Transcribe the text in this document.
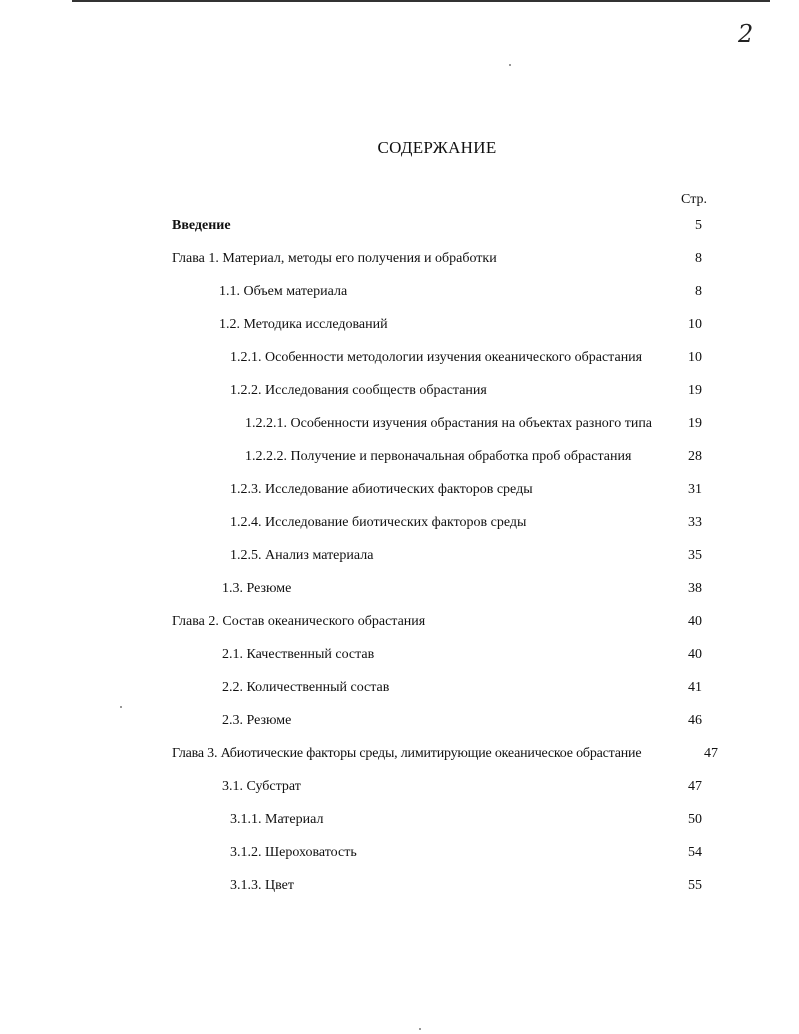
2
СОДЕРЖАНИЕ
Стр.
Введение	5
Глава 1. Материал, методы его получения и обработки	8
1.1. Объем материала	8
1.2. Методика исследований	10
1.2.1. Особенности методологии изучения океанического обрастания	10
1.2.2. Исследования сообществ обрастания	19
1.2.2.1. Особенности изучения обрастания на объектах разного типа	19
1.2.2.2. Получение и первоначальная обработка проб обрастания	28
1.2.3. Исследование абиотических факторов среды	31
1.2.4. Исследование биотических факторов среды	33
1.2.5. Анализ материала	35
1.3. Резюме	38
Глава 2. Состав океанического обрастания	40
2.1. Качественный состав	40
2.2. Количественный состав	41
2.3. Резюме	46
Глава 3. Абиотические факторы среды, лимитирующие океаническое обрастание	47
3.1. Субстрат	47
3.1.1. Материал	50
3.1.2. Шероховатость	54
3.1.3. Цвет	55
